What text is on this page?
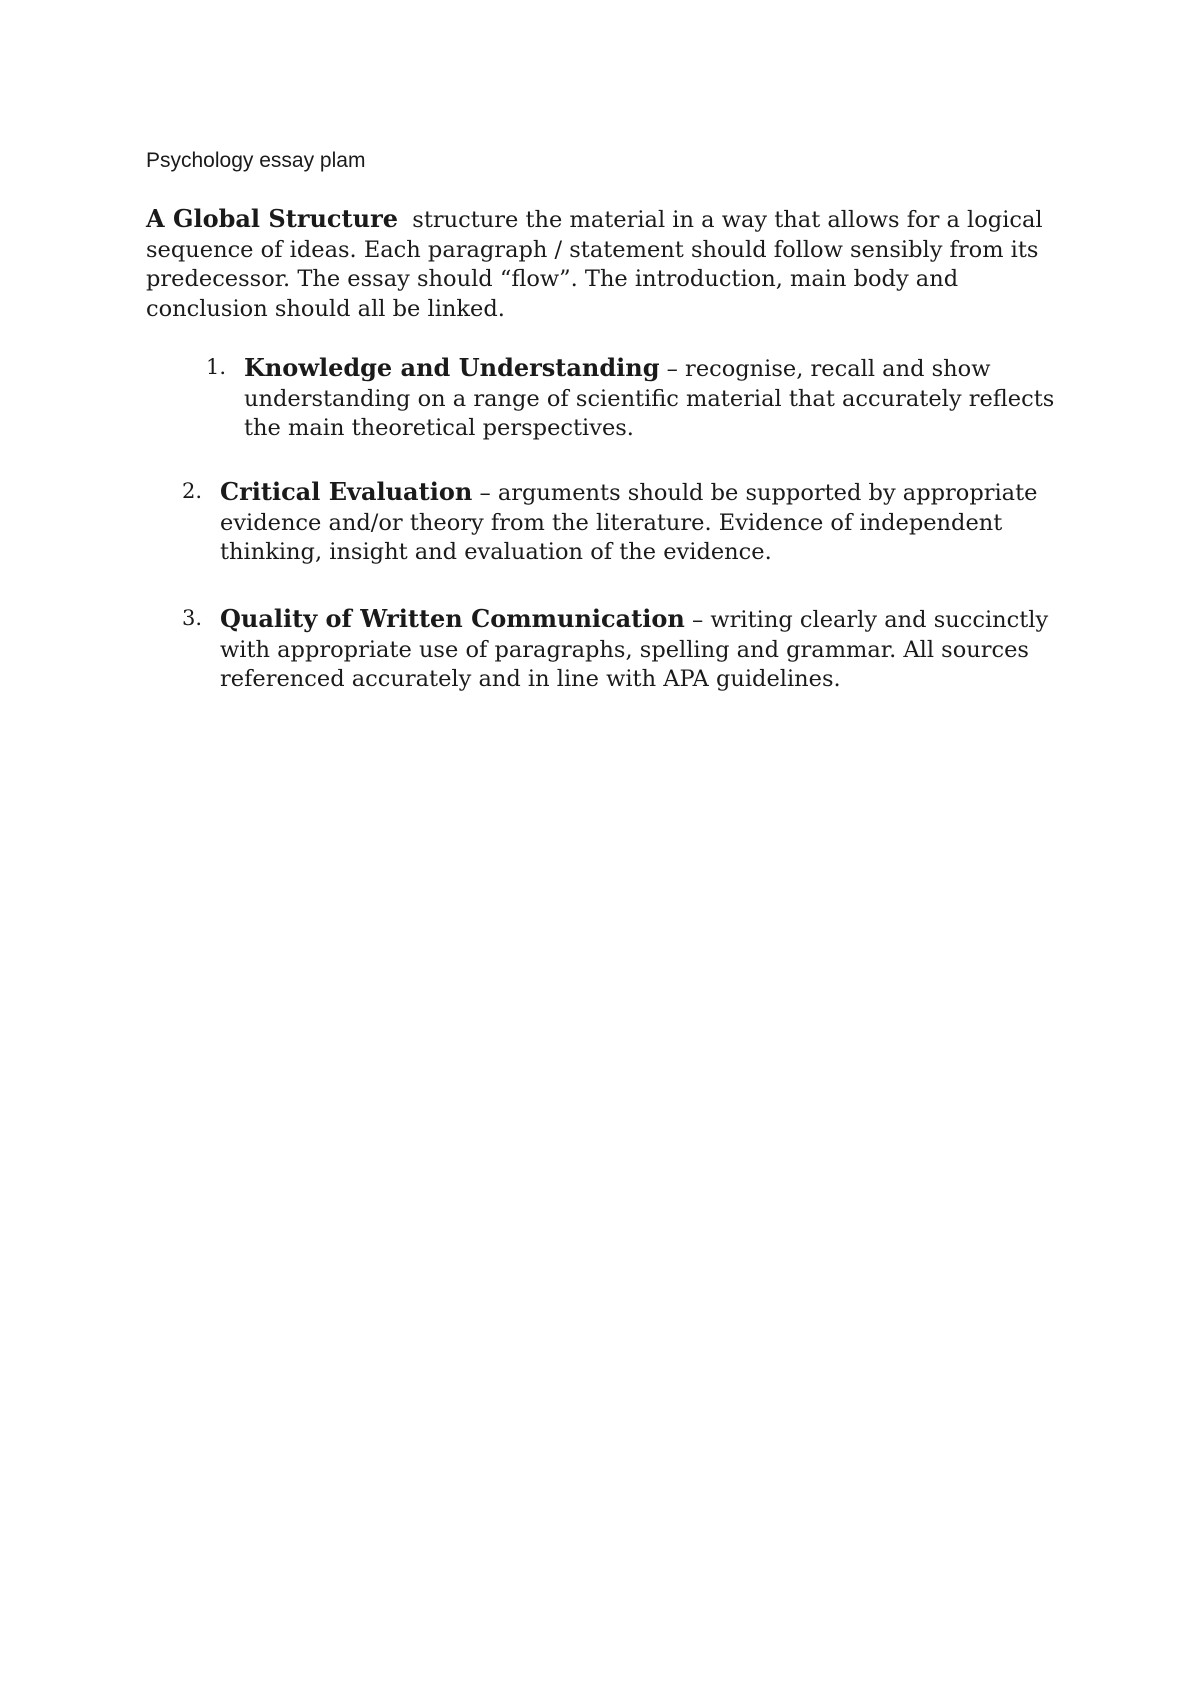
Psychology essay plam

A Global Structure structure the material in a way that allows for a logical sequence of ideas. Each paragraph / statement should follow sensibly from its predecessor. The essay should “flow”. The introduction, main body and conclusion should all be linked.

1. Knowledge and Understanding – recognise, recall and show understanding on a range of scientific material that accurately reflects the main theoretical perspectives.
2. Critical Evaluation – arguments should be supported by appropriate evidence and/or theory from the literature. Evidence of independent thinking, insight and evaluation of the evidence.
3. Quality of Written Communication – writing clearly and succinctly with appropriate use of paragraphs, spelling and grammar. All sources referenced accurately and in line with APA guidelines.
